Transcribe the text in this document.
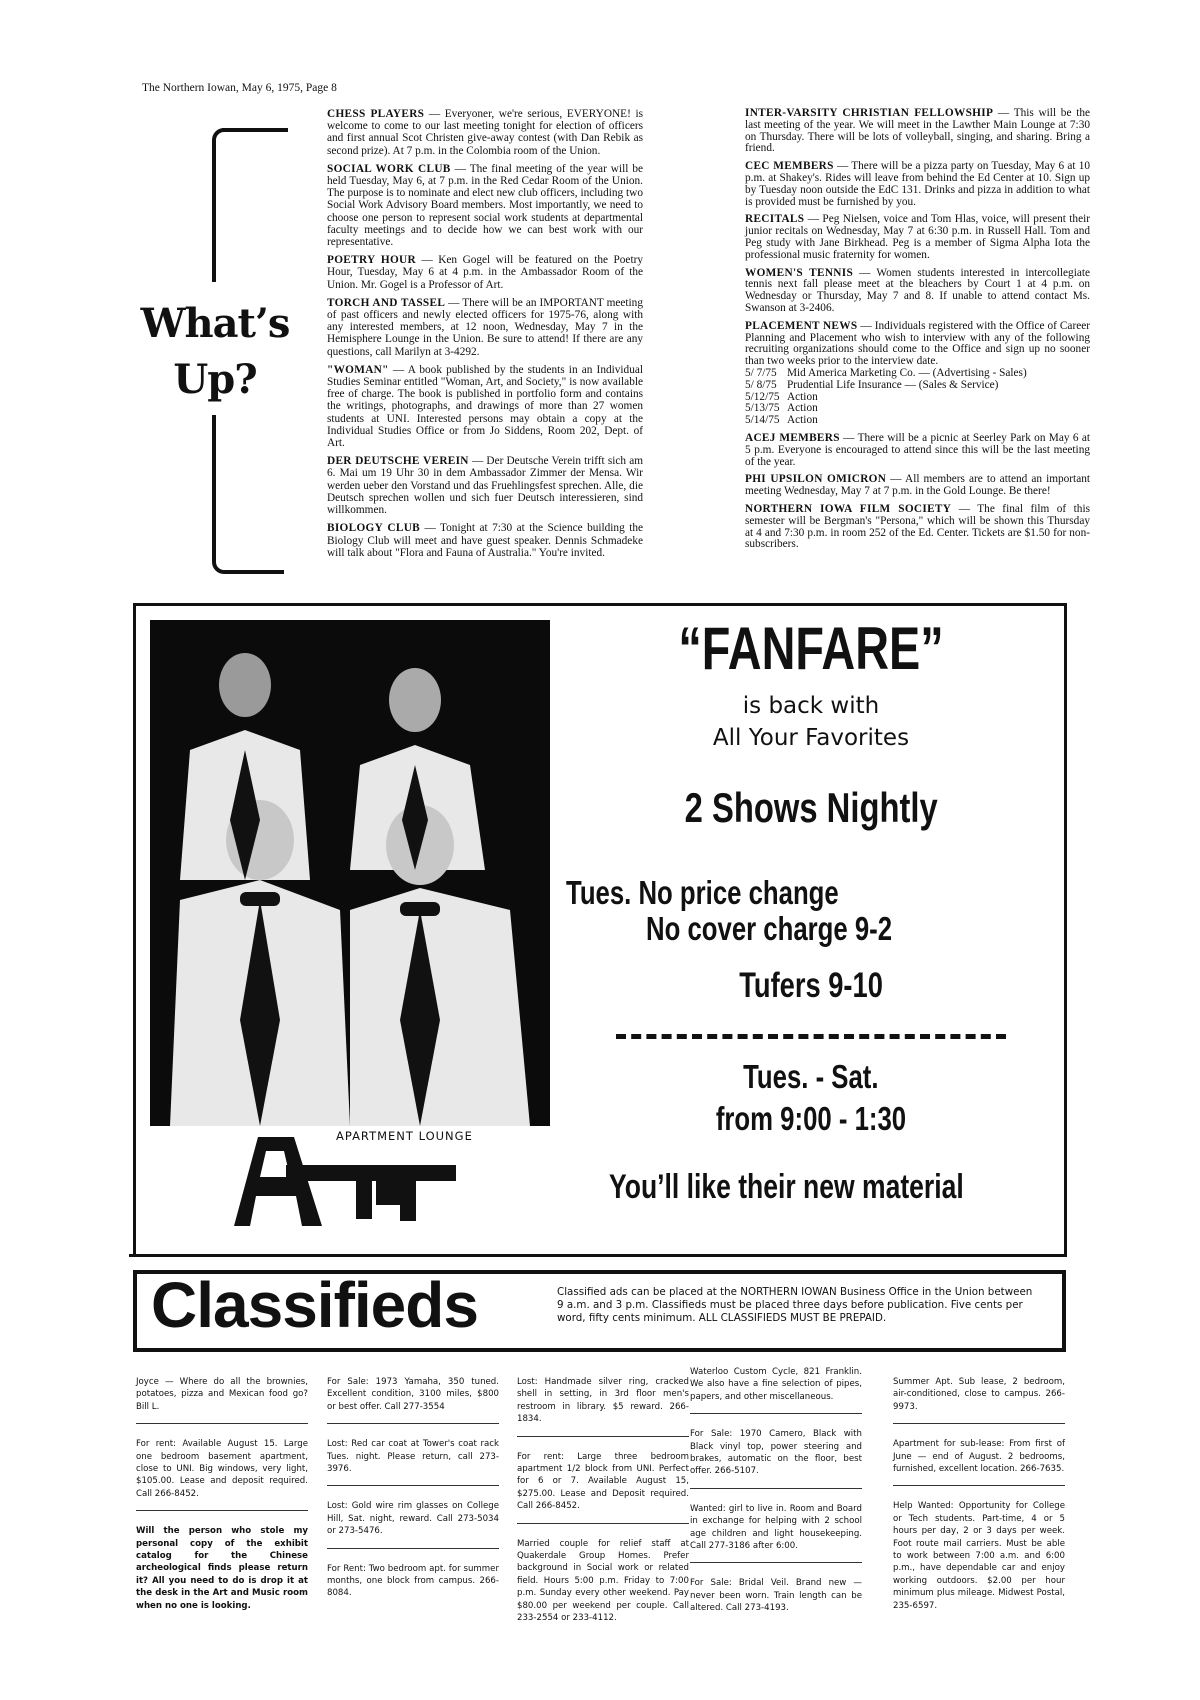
The Northern Iowan, May 6, 1975, Page 8
What’s
Up?

CHESS PLAYERS — Everyoner, we're serious, EVERYONE! is welcome to come to our last meeting tonight for election of officers and first annual Scot Christen give-away contest (with Dan Rebik as second prize). At 7 p.m. in the Colombia room of the Union.

SOCIAL WORK CLUB — The final meeting of the year will be held Tuesday, May 6, at 7 p.m. in the Red Cedar Room of the Union. The purpose is to nominate and elect new club officers, including two Social Work Advisory Board members. Most importantly, we need to choose one person to represent social work students at departmental faculty meetings and to decide how we can best work with our representative.

POETRY HOUR — Ken Gogel will be featured on the Poetry Hour, Tuesday, May 6 at 4 p.m. in the Ambassador Room of the Union. Mr. Gogel is a Professor of Art.

TORCH AND TASSEL — There will be an IMPORTANT meeting of past officers and newly elected officers for 1975-76, along with any interested members, at 12 noon, Wednesday, May 7 in the Hemisphere Lounge in the Union. Be sure to attend! If there are any questions, call Marilyn at 3-4292.

"WOMAN" — A book published by the students in an Individual Studies Seminar entitled "Woman, Art, and Society," is now available free of charge. The book is published in portfolio form and contains the writings, photographs, and drawings of more than 27 women students at UNI. Interested persons may obtain a copy at the Individual Studies Office or from Jo Siddens, Room 202, Dept. of Art.

DER DEUTSCHE VEREIN — Der Deutsche Verein trifft sich am 6. Mai um 19 Uhr 30 in dem Ambassador Zimmer der Mensa. Wir werden ueber den Vorstand und das Fruehlingsfest sprechen. Alle, die Deutsch sprechen wollen und sich fuer Deutsch interessieren, sind willkommen.

BIOLOGY CLUB — Tonight at 7:30 at the Science building the Biology Club will meet and have guest speaker. Dennis Schmadeke will talk about "Flora and Fauna of Australia." You're invited.

INTER-VARSITY CHRISTIAN FELLOWSHIP — This will be the last meeting of the year. We will meet in the Lawther Main Lounge at 7:30 on Thursday. There will be lots of volleyball, singing, and sharing. Bring a friend.

CEC MEMBERS — There will be a pizza party on Tuesday, May 6 at 10 p.m. at Shakey's. Rides will leave from behind the Ed Center at 10. Sign up by Tuesday noon outside the EdC 131. Drinks and pizza in addition to what is provided must be furnished by you.

RECITALS — Peg Nielsen, voice and Tom Hlas, voice, will present their junior recitals on Wednesday, May 7 at 6:30 p.m. in Russell Hall. Tom and Peg study with Jane Birkhead. Peg is a member of Sigma Alpha Iota the professional music fraternity for women.

WOMEN'S TENNIS — Women students interested in intercollegiate tennis next fall please meet at the bleachers by Court 1 at 4 p.m. on Wednesday or Thursday, May 7 and 8. If unable to attend contact Ms. Swanson at 3-2406.

PLACEMENT NEWS — Individuals registered with the Office of Career Planning and Placement who wish to interview with any of the following recruiting organizations should come to the Office and sign up no sooner than two weeks prior to the interview date.

5/ 7/75 Mid America Marketing Co. — (Advertising - Sales)
5/ 8/75 Prudential Life Insurance — (Sales & Service)
5/12/75 Action
5/13/75 Action
5/14/75 Action

ACEJ MEMBERS — There will be a picnic at Seerley Park on May 6 at 5 p.m. Everyone is encouraged to attend since this will be the last meeting of the year.

PHI UPSILON OMICRON — All members are to attend an important meeting Wednesday, May 7 at 7 p.m. in the Gold Lounge. Be there!

NORTHERN IOWA FILM SOCIETY — The final film of this semester will be Bergman's "Persona," which will be shown this Thursday at 4 and 7:30 p.m. in room 252 of the Ed. Center. Tickets are $1.50 for non-subscribers.

APARTMENT LOUNGE
“FANFARE”
is back with
All Your Favorites
2 Shows Nightly
Tues. No price change
No cover charge 9-2
Tufers 9-10
Tues. - Sat.
from 9:00 - 1:30
You’ll like their new material
Classifieds	Classified ads can be placed at the NORTHERN IOWAN Business Office in the Union between 9 a.m. and 3 p.m. Classifieds must be placed three days before publication. Five cents per word, fifty cents minimum. ALL CLASSIFIEDS MUST BE PREPAID.
Joyce — Where do all the brownies, potatoes, pizza and Mexican food go? Bill L.
For rent: Available August 15. Large one bedroom basement apartment, close to UNI. Big windows, very light, $105.00. Lease and deposit required. Call 266-8452.
Will the person who stole my personal copy of the exhibit catalog for the Chinese archeological finds please return it? All you need to do is drop it at the desk in the Art and Music room when no one is looking.
For Sale: 1973 Yamaha, 350 tuned. Excellent condition, 3100 miles, $800 or best offer. Call 277-3554
Lost: Red car coat at Tower's coat rack Tues. night. Please return, call 273-3976.
Lost: Gold wire rim glasses on College Hill, Sat. night, reward. Call 273-5034 or 273-5476.
For Rent: Two bedroom apt. for summer months, one block from campus. 266-8084.
Lost: Handmade silver ring, cracked shell in setting, in 3rd floor men's restroom in library. $5 reward. 266-1834.
For rent: Large three bedroom apartment 1/2 block from UNI. Perfect for 6 or 7. Available August 15, $275.00. Lease and Deposit required. Call 266-8452.
Married couple for relief staff at Quakerdale Group Homes. Prefer background in Social work or related field. Hours 5:00 p.m. Friday to 7:00 p.m. Sunday every other weekend. Pay $80.00 per weekend per couple. Call 233-2554 or 233-4112.
Waterloo Custom Cycle, 821 Franklin. We also have a fine selection of pipes, papers, and other miscellaneous.
For Sale: 1970 Camero, Black with Black vinyl top, power steering and brakes, automatic on the floor, best offer. 266-5107.
Wanted: girl to live in. Room and Board in exchange for helping with 2 school age children and light housekeeping. Call 277-3186 after 6:00.
For Sale: Bridal Veil. Brand new — never been worn. Train length can be altered. Call 273-4193.
Summer Apt. Sub lease, 2 bedroom, air-conditioned, close to campus. 266-9973.
Apartment for sub-lease: From first of June — end of August. 2 bedrooms, furnished, excellent location. 266-7635.
Help Wanted: Opportunity for College or Tech students. Part-time, 4 or 5 hours per day, 2 or 3 days per week. Foot route mail carriers. Must be able to work between 7:00 a.m. and 6:00 p.m., have dependable car and enjoy working outdoors. $2.00 per hour minimum plus mileage. Midwest Postal, 235-6597.
